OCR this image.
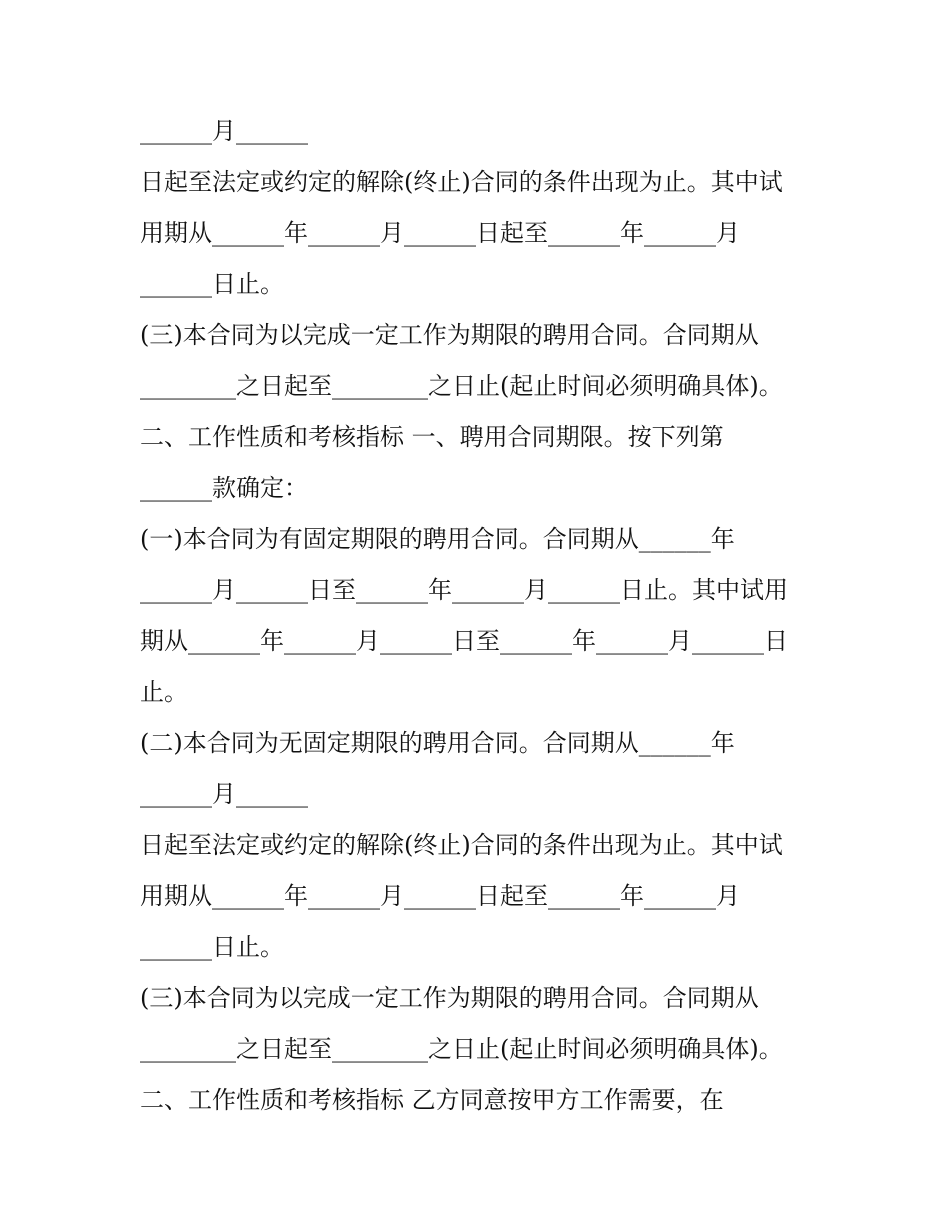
______月______
日起至法定或约定的解除(终止)合同的条件出现为止。其中试
用期从______年______月______日起至______年______月
______日止。
(三)本合同为以完成一定工作为期限的聘用合同。合同期从
________之日起至________之日止(起止时间必须明确具体)。
二、工作性质和考核指标 一、聘用合同期限。按下列第
______款确定：
(一)本合同为有固定期限的聘用合同。合同期从______年
______月______日至______年______月______日止。其中试用
期从______年______月______日至______年______月______日
止。
(二)本合同为无固定期限的聘用合同。合同期从______年
______月______
日起至法定或约定的解除(终止)合同的条件出现为止。其中试
用期从______年______月______日起至______年______月
______日止。
(三)本合同为以完成一定工作为期限的聘用合同。合同期从
________之日起至________之日止(起止时间必须明确具体)。
二、工作性质和考核指标 乙方同意按甲方工作需要，在
